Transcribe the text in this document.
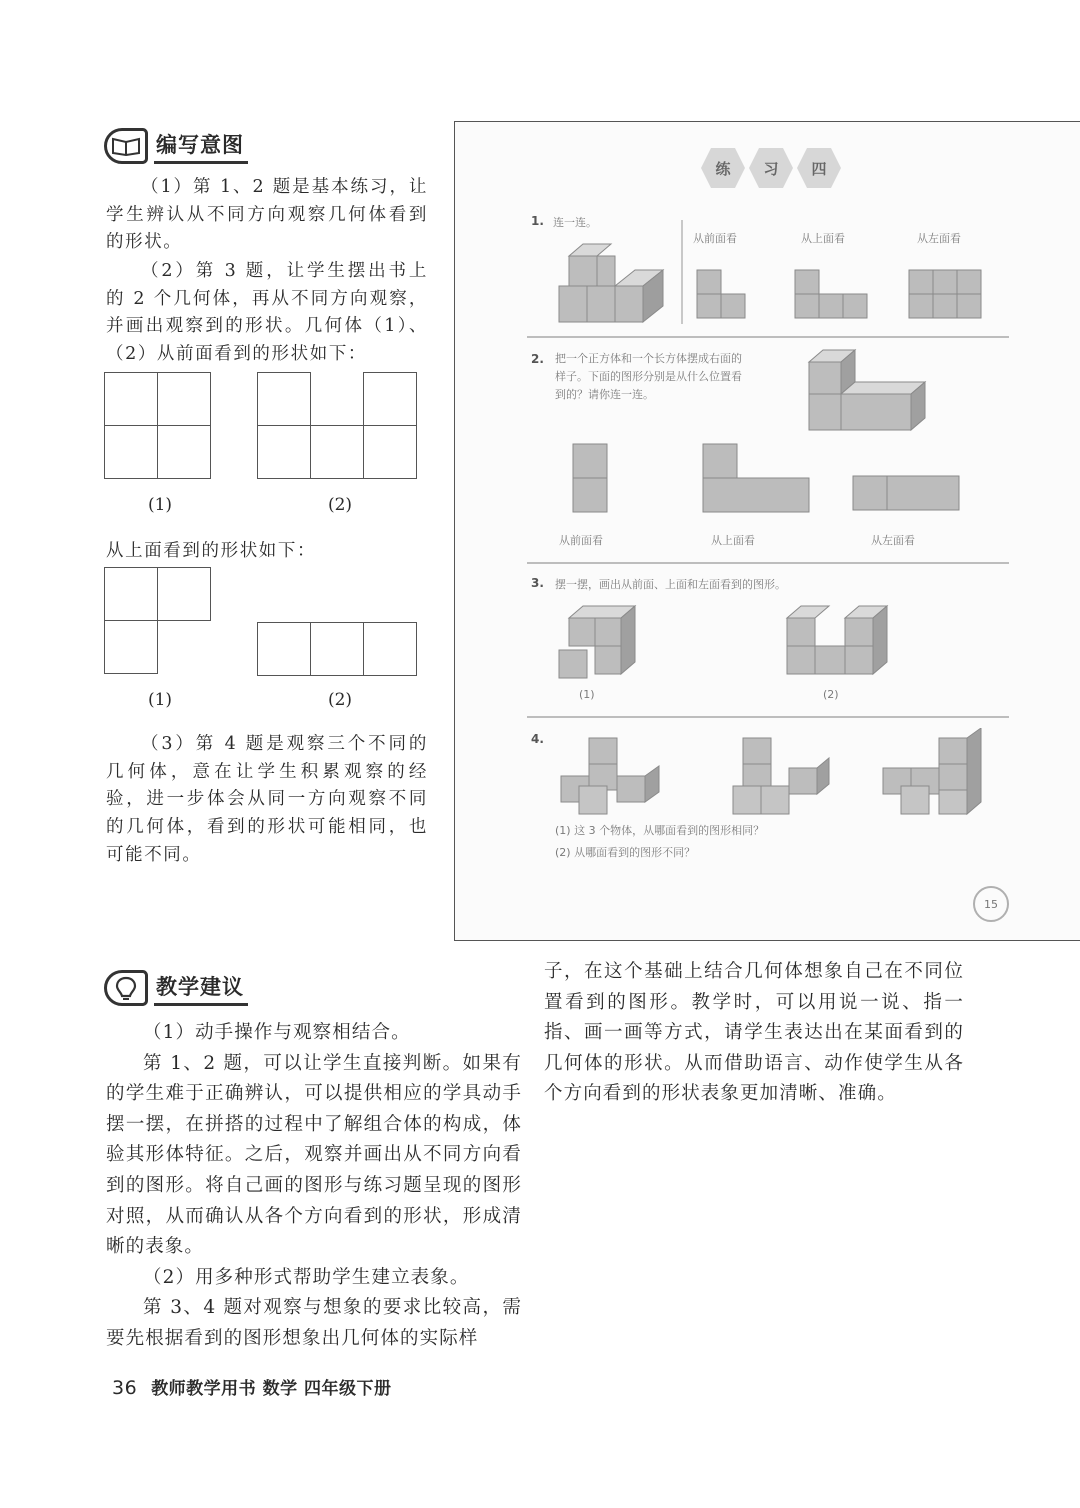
编写意图
（1）第 1、2 题是基本练习，让学生辨认从不同方向观察几何体看到的形状。
（2）第 3 题，让学生摆出书上的 2 个几何体，再从不同方向观察，并画出观察到的形状。几何体（1）、（2）从前面看到的形状如下：

(1)	(2)
从上面看到的形状如下：

(1)	(2)
（3）第 4 题是观察三个不同的几何体，意在让学生积累观察的经验，进一步体会从同一方向观察不同的几何体，看到的形状可能相同，也可能不同。
练	习	四
1. 连一连。
从前面看	从上面看	从左面看
2. 把一个正方体和一个长方体摆成右面的样子。下面的图形分别是从什么位置看到的？请你连一连。
从前面看	从上面看	从左面看
3. 摆一摆，画出从前面、上面和左面看到的图形。
(1)	(2)
4.
(1) 这 3 个物体，从哪面看到的图形相同？
(2) 从哪面看到的图形不同？
15
教学建议
（1）动手操作与观察相结合。
第 1、2 题，可以让学生直接判断。如果有的学生难于正确辨认，可以提供相应的学具动手摆一摆，在拼搭的过程中了解组合体的构成，体验其形体特征。之后，观察并画出从不同方向看到的图形。将自己画的图形与练习题呈现的图形对照，从而确认从各个方向看到的形状，形成清晰的表象。
（2）用多种形式帮助学生建立表象。
第 3、4 题对观察与想象的要求比较高，需要先根据看到的图形想象出几何体的实际样
子，在这个基础上结合几何体想象自己在不同位置看到的图形。教学时，可以用说一说、指一指、画一画等方式，请学生表达出在某面看到的几何体的形状。从而借助语言、动作使学生从各个方向看到的形状表象更加清晰、准确。
36 教师教学用书 数学 四年级下册
